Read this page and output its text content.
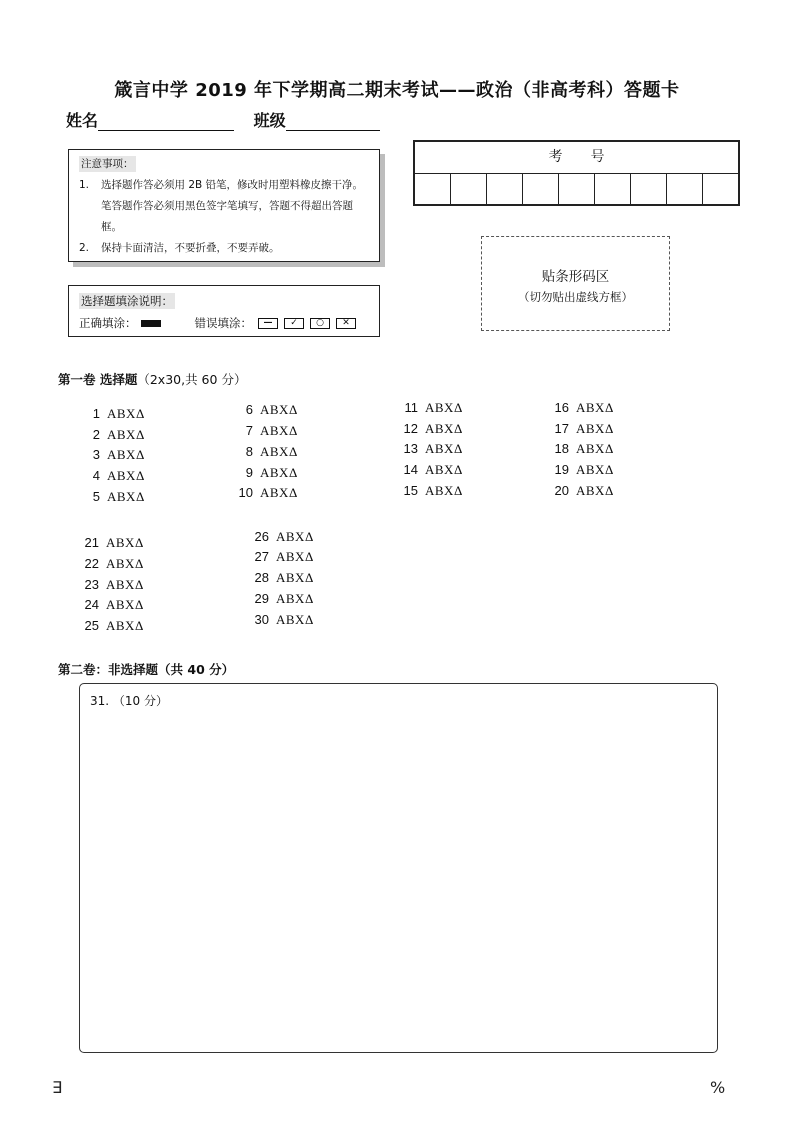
箴言中学 2019 年下学期高二期末考试——政治（非高考科）答题卡
姓名	班级
注意事项：
1.	选择题作答必须用 2B 铅笔，修改时用塑料橡皮擦干净。笔答题作答必须用黑色签字笔填写，答题不得超出答题框。
2.	保持卡面清洁，不要折叠，不要弄破。
选择题填涂说明：
正确填涂：	错误填涂：	—	✓	○	✕
考号
贴条形码区
（切勿贴出虚线方框）
第一卷 选择题（2x30,共 60 分）
1 ABXΔ
2 ABXΔ
3 ABXΔ
4 ABXΔ
5 ABXΔ
6 ABXΔ
7 ABXΔ
8 ABXΔ
9 ABXΔ
10 ABXΔ
11 ABXΔ
12 ABXΔ
13 ABXΔ
14 ABXΔ
15 ABXΔ
16 ABXΔ
17 ABXΔ
18 ABXΔ
19 ABXΔ
20 ABXΔ
21 ABXΔ
22 ABXΔ
23 ABXΔ
24 ABXΔ
25 ABXΔ
26 ABXΔ
27 ABXΔ
28 ABXΔ
29 ABXΔ
30 ABXΔ
第二卷：非选择题（共 40 分）
31. （10 分）
∃	%
